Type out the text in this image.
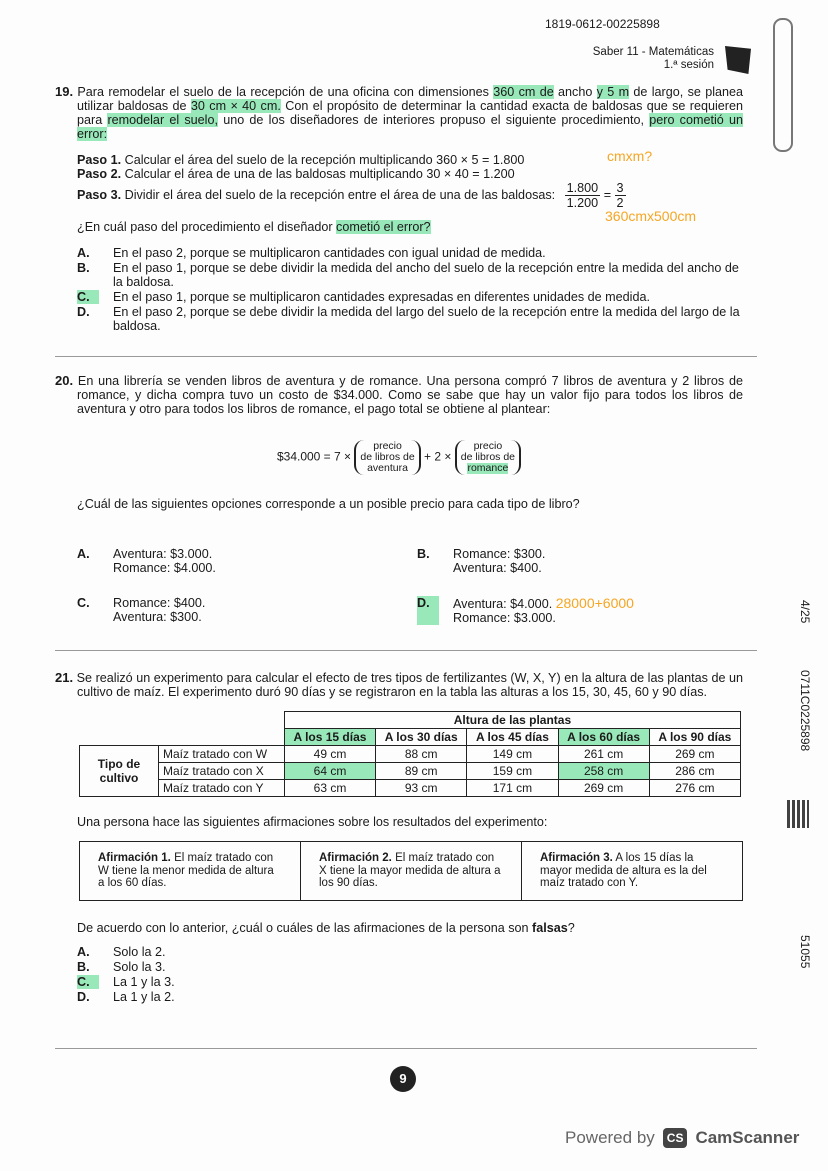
1819-0612-00225898
Saber 11 - Matemáticas
1.ª sesión
19. Para remodelar el suelo de la recepción de una oficina con dimensiones 360 cm de ancho y 5 m de largo, se planea utilizar baldosas de 30 cm × 40 cm. Con el propósito de determinar la cantidad exacta de baldosas que se requieren para remodelar el suelo, uno de los diseñadores de interiores propuso el siguiente procedimiento, pero cometió un error:
Paso 1. Calcular el área del suelo de la recepción multiplicando 360 × 5 = 1.800
Paso 2. Calcular el área de una de las baldosas multiplicando 30 × 40 = 1.200
Paso 3. Dividir el área del suelo de la recepción entre el área de una de las baldosas: $\frac{1.800}{1.200} = \frac{3}{2}$
cmxm?
360cmx500cm
¿En cuál paso del procedimiento el diseñador cometió el error?
A.	En el paso 2, porque se multiplicaron cantidades con igual unidad de medida.
B.	En el paso 1, porque se debe dividir la medida del ancho del suelo de la recepción entre la medida del ancho de la baldosa.
C.	En el paso 1, porque se multiplicaron cantidades expresadas en diferentes unidades de medida.
D.	En el paso 2, porque se debe dividir la medida del largo del suelo de la recepción entre la medida del largo de la baldosa.
20. En una librería se venden libros de aventura y de romance. Una persona compró 7 libros de aventura y 2 libros de romance, y dicha compra tuvo un costo de $34.000. Como se sabe que hay un valor fijo para todos los libros de aventura y otro para todos los libros de romance, el pago total se obtiene al plantear:
$34.000 = 7 ×
precio
de libros de
aventura
+ 2 ×
precio
de libros de
romance
¿Cuál de las siguientes opciones corresponde a un posible precio para cada tipo de libro?
A.	Aventura: $3.000.
Romance: $4.000.
B.	Romance: $300.
Aventura: $400.
C.	Romance: $400.
Aventura: $300.
D.	Aventura: $4.000. 28000+6000
Romance: $3.000.
21. Se realizó un experimento para calcular el efecto de tres tipos de fertilizantes (W, X, Y) en la altura de las plantas de un cultivo de maíz. El experimento duró 90 días y se registraron en la tabla las alturas a los 15, 30, 45, 60 y 90 días.
		Altura de las plantas				
		A los 15 días	A los 30 días	A los 45 días	A los 60 días	A los 90 días
Tipo de cultivo	Maíz tratado con W	49 cm	88 cm	149 cm	261 cm	269 cm
	Maíz tratado con X	64 cm	89 cm	159 cm	258 cm	286 cm
	Maíz tratado con Y	63 cm	93 cm	171 cm	269 cm	276 cm
Una persona hace las siguientes afirmaciones sobre los resultados del experimento:
Afirmación 1. El maíz tratado con W tiene la menor medida de altura a los 60 días.
Afirmación 2. El maíz tratado con X tiene la mayor medida de altura a los 90 días.
Afirmación 3. A los 15 días la mayor medida de altura es la del maíz tratado con Y.
De acuerdo con lo anterior, ¿cuál o cuáles de las afirmaciones de la persona son falsas?
A.	Solo la 2.
B.	Solo la 3.
C.	La 1 y la 3.
D.	La 1 y la 2.
9
4/25
0711C0225898
51055
Powered by	CS CamScanner
